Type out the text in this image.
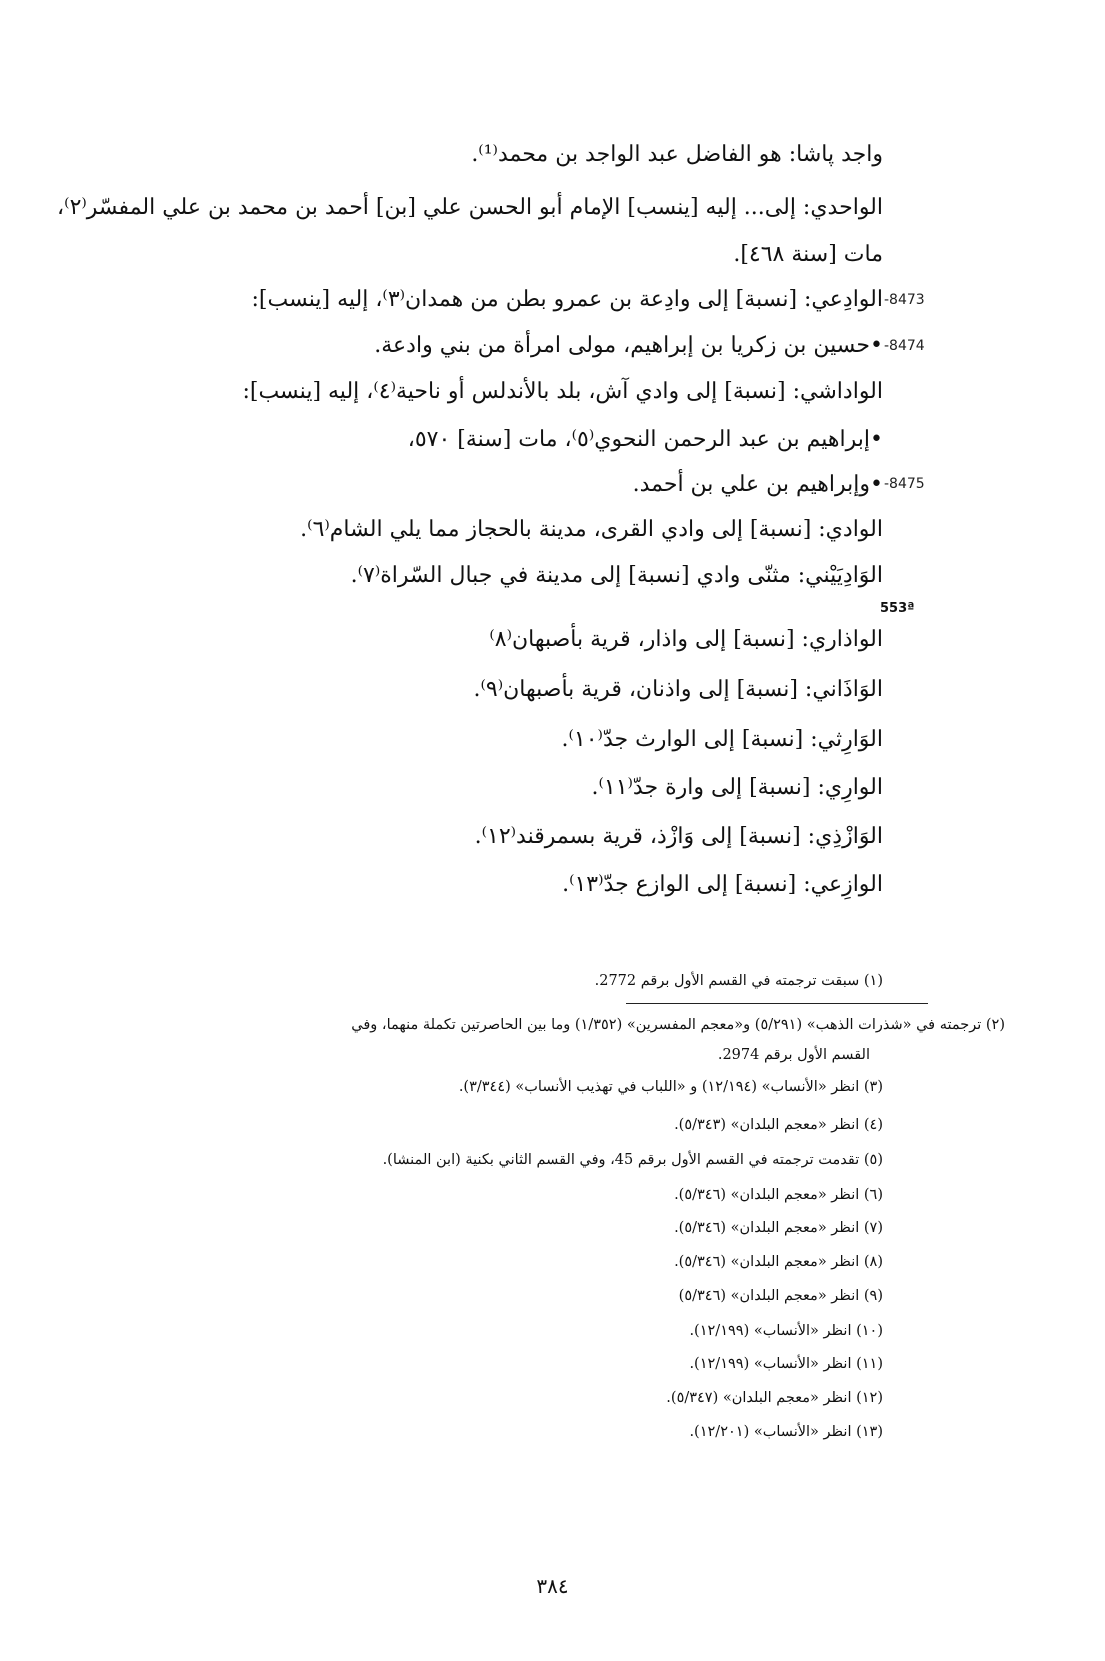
واجد پاشا: هو الفاضل عبد الواجد بن محمد⁽¹⁾.
الواحدي: إلى... إليه [ينسب] الإمام أبو الحسن علي [بن] أحمد بن محمد بن علي المفسّر⁽٢⁾،
مات [سنة ٤٦٨].
الوادِعي: [نسبة] إلى وادِعة بن عمرو بطن من همدان⁽٣⁾، إليه [ينسب]:
•حسين بن زكريا بن إبراهيم، مولى امرأة من بني وادعة.
الواداشي: [نسبة] إلى وادي آش، بلد بالأندلس أو ناحية⁽٤⁾، إليه [ينسب]:
•إبراهيم بن عبد الرحمن النحوي⁽٥⁾، مات [سنة] ٥٧٠،
•وإبراهيم بن علي بن أحمد.
الوادي: [نسبة] إلى وادي القرى، مدينة بالحجاز مما يلي الشام⁽٦⁾.
الوَادِيَيْني: مثنّى وادي [نسبة] إلى مدينة في جبال السّراة⁽٧⁾.
الواذاري: [نسبة] إلى واذار، قرية بأصبهان⁽٨⁾
الوَاذَاني: [نسبة] إلى واذنان، قرية بأصبهان⁽٩⁾.
الوَارِثي: [نسبة] إلى الوارث جدّ⁽١٠⁾.
الوارِي: [نسبة] إلى وارة جدّ⁽١١⁾.
الوَازْذِي: [نسبة] إلى وَازْذ، قرية بسمرقند⁽١٢⁾.
الوازِعي: [نسبة] إلى الوازع جدّ⁽١٣⁾.
-8473
-8474
-8475
553ª
(١) سبقت ترجمته في القسم الأول برقم 2772.
(٢) ترجمته في «شذرات الذهب» (٥/٢٩١) و«معجم المفسرين» (١/٣٥٢) وما بين الحاصرتين تكملة منهما، وفي
القسم الأول برقم 2974.
(٣) انظر «الأنساب» (١٢/١٩٤) و «اللباب في تهذيب الأنساب» (٣/٣٤٤).
(٤) انظر «معجم البلدان» (٥/٣٤٣).
(٥) تقدمت ترجمته في القسم الأول برقم 45، وفي القسم الثاني بكنية (ابن المنشا).
(٦) انظر «معجم البلدان» (٥/٣٤٦).
(٧) انظر «معجم البلدان» (٥/٣٤٦).
(٨) انظر «معجم البلدان» (٥/٣٤٦).
(٩) انظر «معجم البلدان» (٥/٣٤٦)
(١٠) انظر «الأنساب» (١٢/١٩٩).
(١١) انظر «الأنساب» (١٢/١٩٩).
(١٢) انظر «معجم البلدان» (٥/٣٤٧).
(١٣) انظر «الأنساب» (١٢/٢٠١).
٣٨٤
